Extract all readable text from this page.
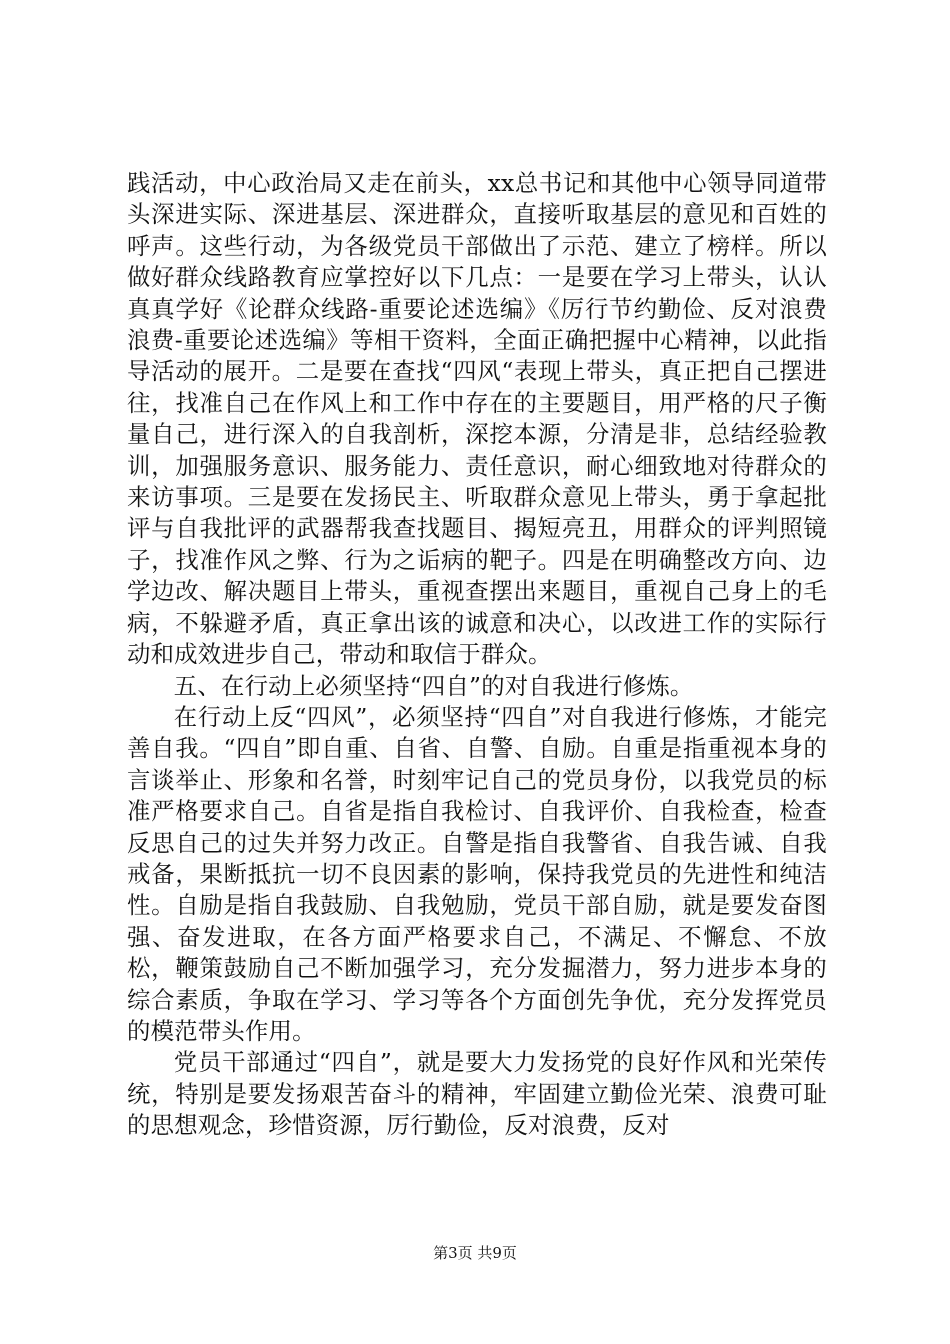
践活动，中心政治局又走在前头，xx总书记和其他中心领导同道带头深进实际、深进基层、深进群众，直接听取基层的意见和百姓的呼声。这些行动，为各级党员干部做出了示范、建立了榜样。所以做好群众线路教育应掌控好以下几点：一是要在学习上带头，认认真真学好《论群众线路-重要论述选编》《厉行节约勤俭、反对浪费浪费-重要论述选编》等相干资料，全面正确把握中心精神，以此指导活动的展开。二是要在查找“四风“表现上带头，真正把自己摆进往，找准自己在作风上和工作中存在的主要题目，用严格的尺子衡量自己，进行深入的自我剖析，深挖本源，分清是非，总结经验教训，加强服务意识、服务能力、责任意识，耐心细致地对待群众的来访事项。三是要在发扬民主、听取群众意见上带头，勇于拿起批评与自我批评的武器帮我查找题目、揭短亮丑，用群众的评判照镜子，找准作风之弊、行为之诟病的靶子。四是在明确整改方向、边学边改、解决题目上带头，重视查摆出来题目，重视自己身上的毛病，不躲避矛盾，真正拿出该的诚意和决心，以改进工作的实际行动和成效进步自己，带动和取信于群众。

五、在行动上必须坚持“四自”的对自我进行修炼。

在行动上反“四风”，必须坚持“四自”对自我进行修炼，才能完善自我。“四自”即自重、自省、自警、自励。自重是指重视本身的言谈举止、形象和名誉，时刻牢记自己的党员身份，以我党员的标准严格要求自己。自省是指自我检讨、自我评价、自我检查，检查反思自己的过失并努力改正。自警是指自我警省、自我告诫、自我戒备，果断抵抗一切不良因素的影响，保持我党员的先进性和纯洁性。自励是指自我鼓励、自我勉励，党员干部自励，就是要发奋图强、奋发进取，在各方面严格要求自己，不满足、不懈怠、不放松，鞭策鼓励自己不断加强学习，充分发掘潜力，努力进步本身的综合素质，争取在学习、学习等各个方面创先争优，充分发挥党员的模范带头作用。

党员干部通过“四自”，就是要大力发扬党的良好作风和光荣传统，特别是要发扬艰苦奋斗的精神，牢固建立勤俭光荣、浪费可耻的思想观念，珍惜资源，厉行勤俭，反对浪费，反对

第3页 共9页
